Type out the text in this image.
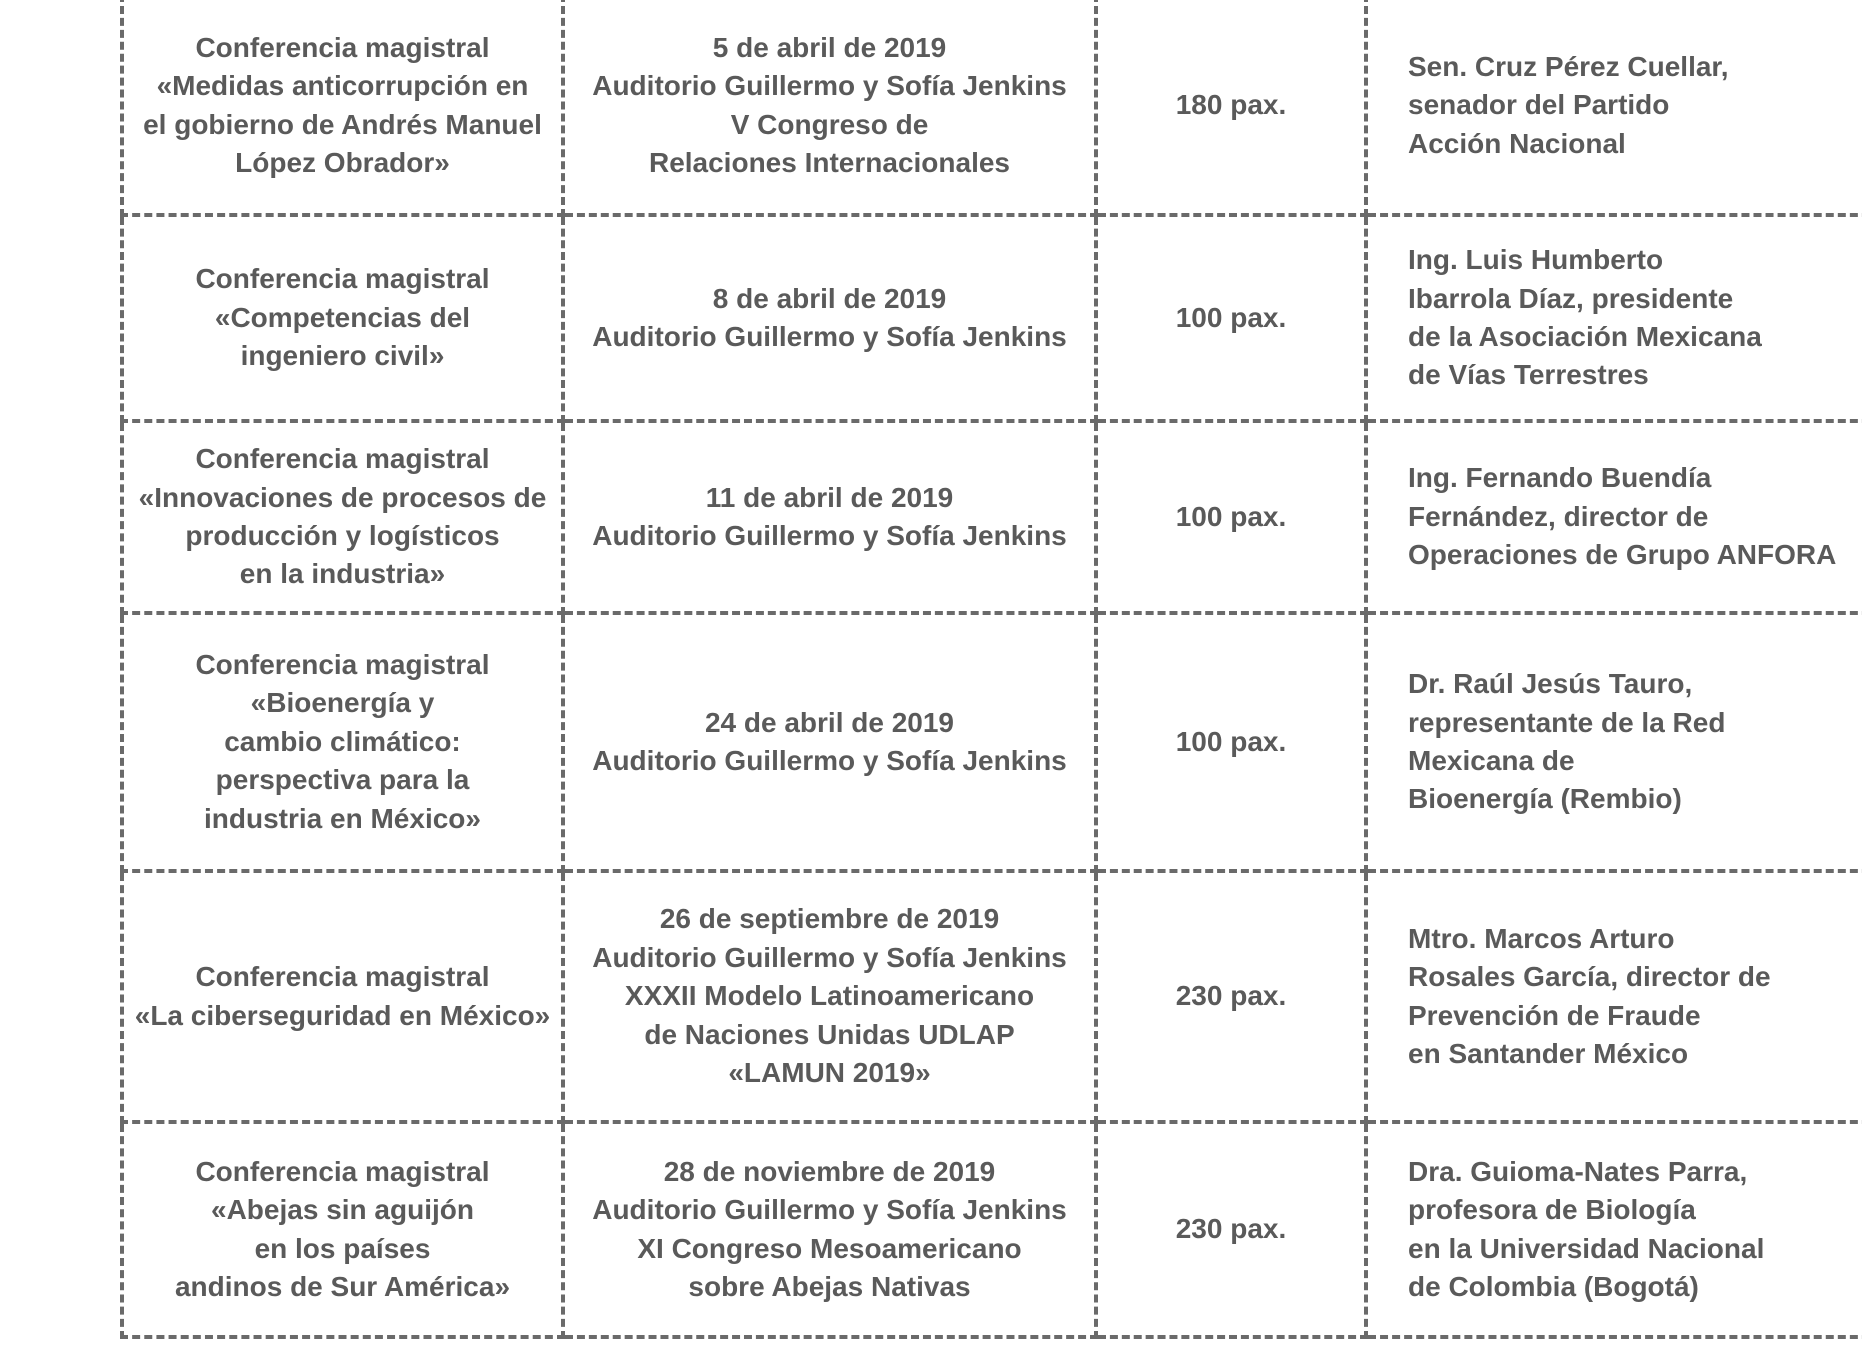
Conferencia magistral
«Medidas anticorrupción en
el gobierno de Andrés Manuel
López Obrador»	5 de abril de 2019
Auditorio Guillermo y Sofía Jenkins
V Congreso de
Relaciones Internacionales	180 pax.	Sen. Cruz Pérez Cuellar,
senador del Partido
Acción Nacional

Conferencia magistral
«Competencias del
ingeniero civil»	8 de abril de 2019
Auditorio Guillermo y Sofía Jenkins	100 pax.	Ing. Luis Humberto
Ibarrola Díaz, presidente
de la Asociación Mexicana
de Vías Terrestres

Conferencia magistral
«Innovaciones de procesos de
producción y logísticos
en la industria»	11 de abril de 2019
Auditorio Guillermo y Sofía Jenkins	100 pax.	Ing. Fernando Buendía
Fernández, director de
Operaciones de Grupo ANFORA

Conferencia magistral
«Bioenergía y
cambio climático:
perspectiva para la
industria en México»	24 de abril de 2019
Auditorio Guillermo y Sofía Jenkins	100 pax.	Dr. Raúl Jesús Tauro,
representante de la Red
Mexicana de
Bioenergía (Rembio)

Conferencia magistral
«La ciberseguridad en México»	26 de septiembre de 2019
Auditorio Guillermo y Sofía Jenkins
XXXII Modelo Latinoamericano
de Naciones Unidas UDLAP
«LAMUN 2019»	230 pax.	Mtro. Marcos Arturo
Rosales García, director de
Prevención de Fraude
en Santander México

Conferencia magistral
«Abejas sin aguijón
en los países
andinos de Sur América»	28 de noviembre de 2019
Auditorio Guillermo y Sofía Jenkins
XI Congreso Mesoamericano
sobre Abejas Nativas	230 pax.	Dra. Guioma-Nates Parra,
profesora de Biología
en la Universidad Nacional
de Colombia (Bogotá)
